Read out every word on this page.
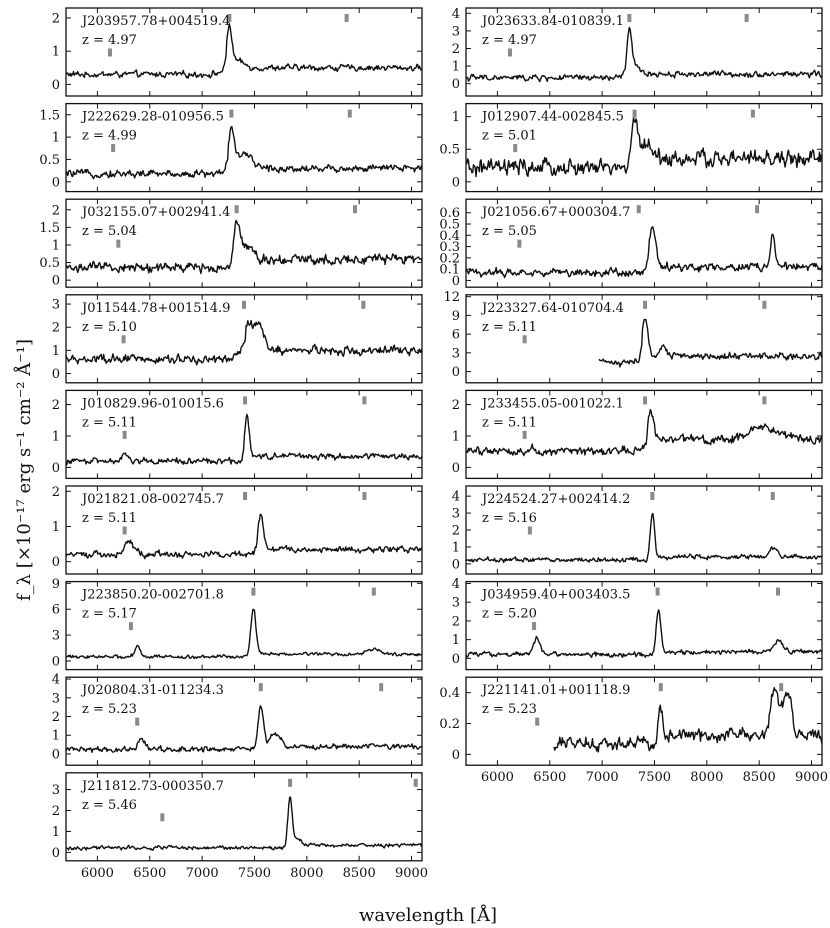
0
1
2 J203957.78+004519.4
z = 4.97
0
1
2
3
4 J023633.84-010839.1
z = 4.97
0
0.5
1
1.5 J222629.28-010956.5
z = 4.99
0
0.5
1 J012907.44-002845.5
z = 5.01
0
0.5
1
1.5
2 J032155.07+002941.4
z = 5.04
0
0.1
0.2
0.3
0.4
0.5
0.6 J021056.67+000304.7
z = 5.05
0
1
2
3 J011544.78+001514.9
z = 5.10
0
3
6
9
12
J223327.64-010704.4
z = 5.11
0
1
2 J010829.96-010015.6
z = 5.11
0
1
2 J233455.05-001022.1
z = 5.11
0
1
2 J021821.08-002745.7
z = 5.11
0
1
2
3
4 J224524.27+002414.2
z = 5.16
0
3
6
9
J223850.20-002701.8
z = 5.17
0
1
2
3
4
J034959.40+003403.5
z = 5.20
0
1
2
3
4
J020804.31-011234.3
z = 5.23
0
0.2
0.4 J221141.01+001118.9
z = 5.23
6000 6500 7000 7500 8000 8500 9000
0
1
2
3 J211812.73-000350.7
z = 5.46
6000 6500 7000 7500 8000 8500 9000
f_λ [×10⁻¹⁷ erg s⁻¹ cm⁻² Å⁻¹]
wavelength [Å]
